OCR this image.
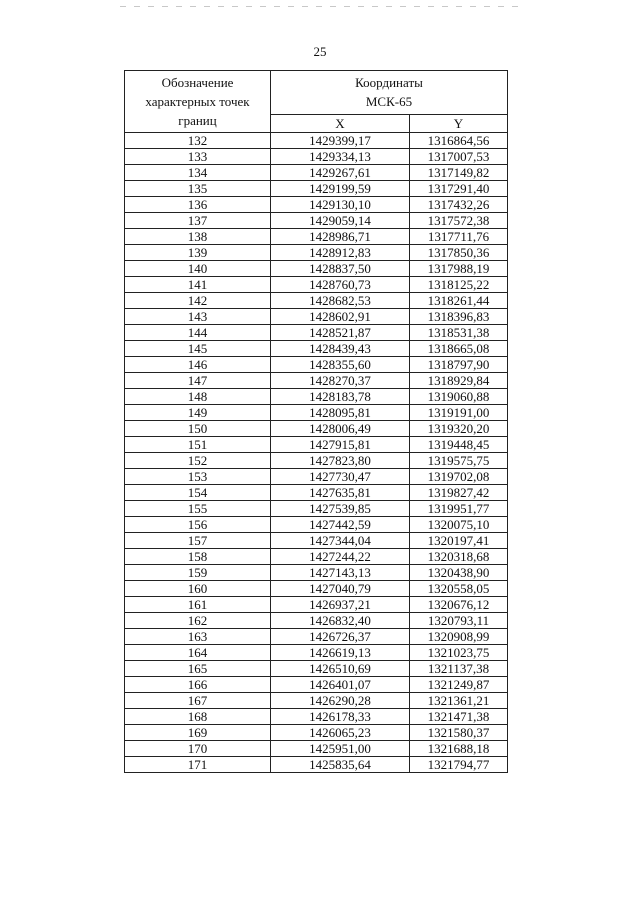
25
Обозначение характерных точек границ	Координаты МСК-65	

	X	Y
132	1429399,17	1316864,56
133	1429334,13	1317007,53
134	1429267,61	1317149,82
135	1429199,59	1317291,40
136	1429130,10	1317432,26
137	1429059,14	1317572,38
138	1428986,71	1317711,76
139	1428912,83	1317850,36
140	1428837,50	1317988,19
141	1428760,73	1318125,22
142	1428682,53	1318261,44
143	1428602,91	1318396,83
144	1428521,87	1318531,38
145	1428439,43	1318665,08
146	1428355,60	1318797,90
147	1428270,37	1318929,84
148	1428183,78	1319060,88
149	1428095,81	1319191,00
150	1428006,49	1319320,20
151	1427915,81	1319448,45
152	1427823,80	1319575,75
153	1427730,47	1319702,08
154	1427635,81	1319827,42
155	1427539,85	1319951,77
156	1427442,59	1320075,10
157	1427344,04	1320197,41
158	1427244,22	1320318,68
159	1427143,13	1320438,90
160	1427040,79	1320558,05
161	1426937,21	1320676,12
162	1426832,40	1320793,11
163	1426726,37	1320908,99
164	1426619,13	1321023,75
165	1426510,69	1321137,38
166	1426401,07	1321249,87
167	1426290,28	1321361,21
168	1426178,33	1321471,38
169	1426065,23	1321580,37
170	1425951,00	1321688,18
171	1425835,64	1321794,77
